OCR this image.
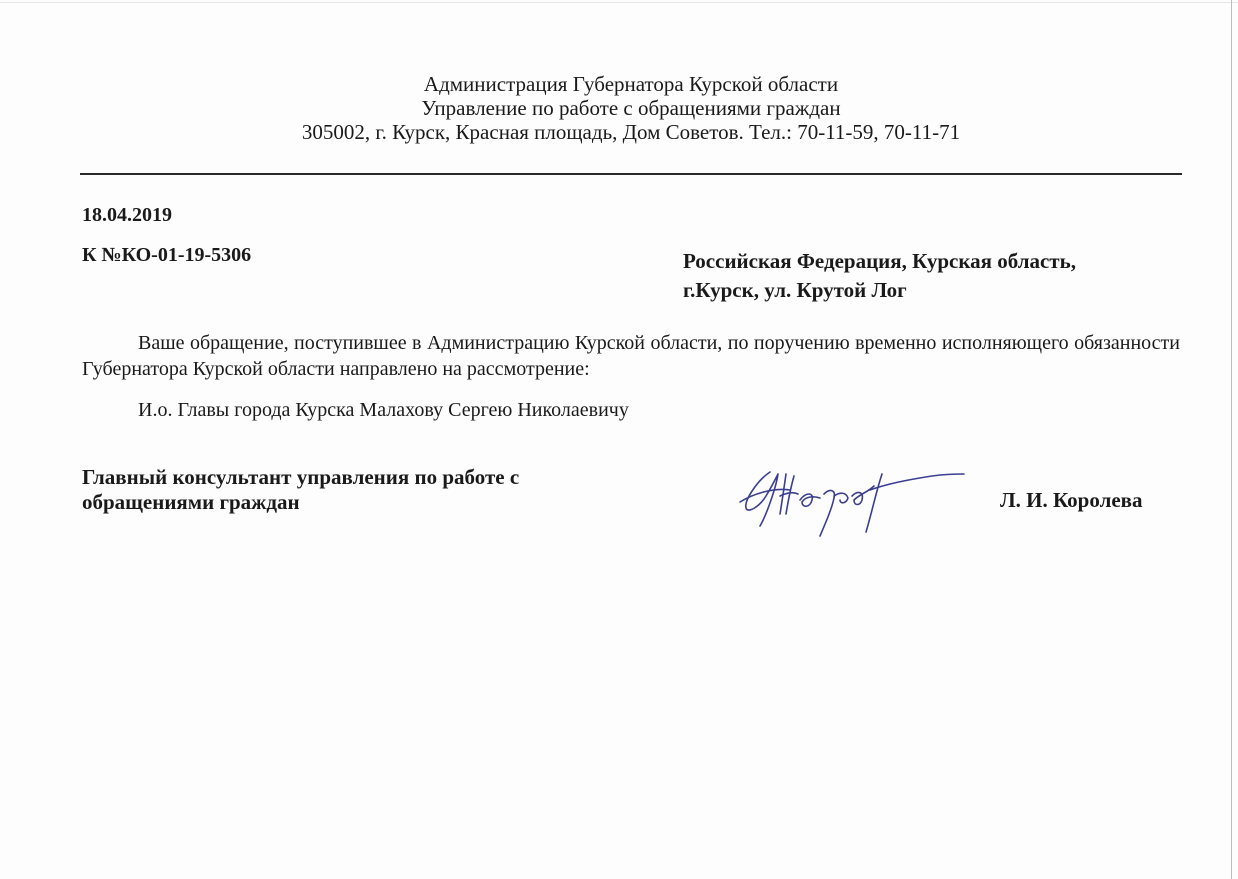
Администрация Губернатора Курской области
Управление по работе с обращениями граждан
305002, г. Курск, Красная площадь, Дом Советов. Тел.: 70-11-59, 70-11-71
18.04.2019
К №КО-01-19-5306	Российская Федерация, Курская область,
г.Курск, ул. Крутой Лог

Ваше обращение, поступившее в Администрацию Курской области, по поручению временно исполняющего обязанности Губернатора Курской области направлено на рассмотрение:

И.о. Главы города Курска Малахову Сергею Николаевичу
Главный консультант управления по работе с
обращениями граждан	Л. И. Королева
